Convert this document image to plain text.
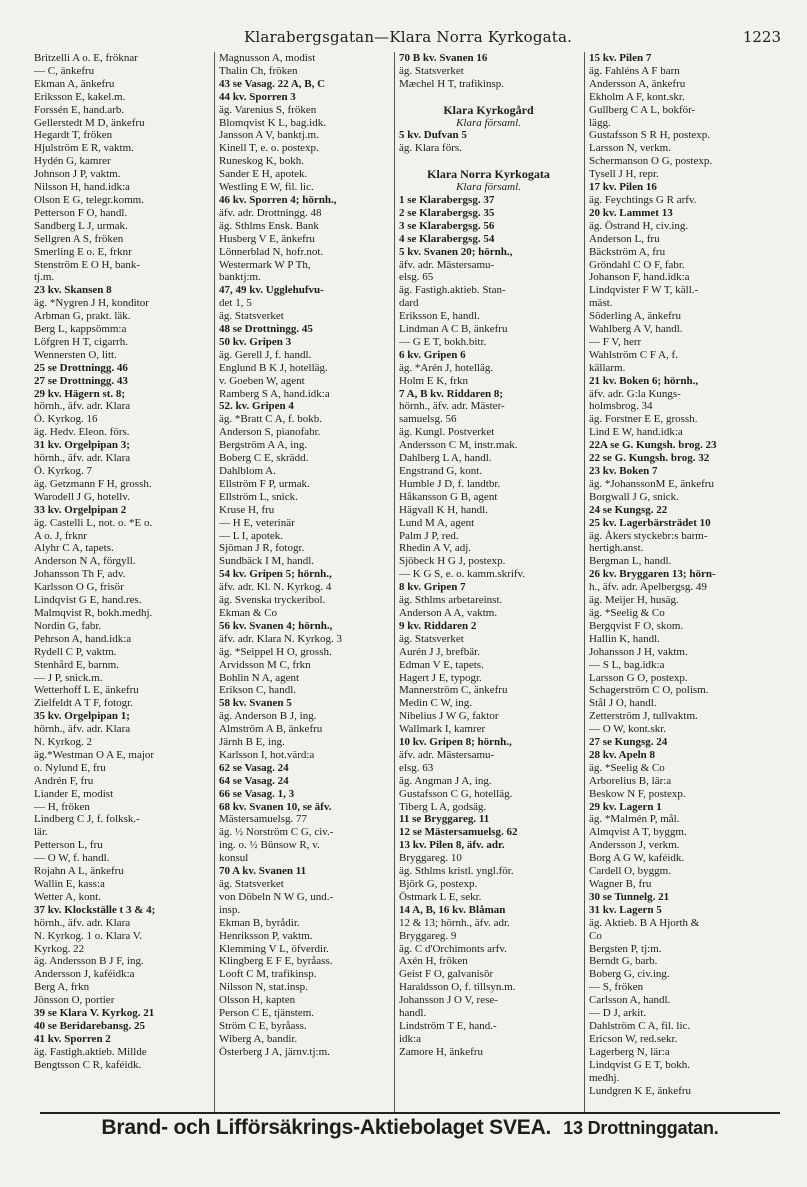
Klarabergsgatan—Klara Norra Kyrkogata.	1223
Britzelli A o. E, fröknar
— C, änkefru
Ekman A, änkefru
Eriksson E, kakel.m.
Forssén E, hand.arb.
Gellerstedt M D, änkefru
Hegardt T, fröken
Hjulström E R, vaktm.
Hydén G, kamrer
Johnson J P, vaktm.
Nilsson H, hand.idk:a
Olson E G, telegr.komm.
Petterson F O, handl.
Sandberg L J, urmak.
Sellgren A S, fröken
Smerling E o. E, frknr
Stenström E O H, bank-
tj.m.
23 kv. Skansen 8
äg. *Nygren J H, konditor
Arbman G, prakt. läk.
Berg L, kappsömm:a
Löfgren H T, cigarrh.
Wennersten O, litt.
25 se Drottningg. 46
27 se Drottningg. 43
29 kv. Hägern st. 8;
hörnh., äfv. adr. Klara
Ö. Kyrkog. 16
äg. Hedv. Eleon. förs.
31 kv. Orgelpipan 3;
hörnh., äfv. adr. Klara
Ö. Kyrkog. 7
äg. Getzmann F H, grossh.
Warodell J G, hotellv.
33 kv. Orgelpipan 2
äg. Castelli L, not. o. *E o.
A o. J, frknr
Alyhr C A, tapets.
Anderson N A, förgyll.
Johansson Th F, adv.
Karlsson O G, frisör
Lindqvist G E, hand.res.
Malmqvist R, bokh.medhj.
Nordin G, fabr.
Pehrson A, hand.idk:a
Rydell C P, vaktm.
Stenhård E, barnm.
— J P, snick.m.
Wetterhoff L E, änkefru
Zielfeldt A T F, fotogr.
35 kv. Orgelpipan 1;
hörnh., äfv. adr. Klara
N. Kyrkog. 2
äg.*Westman O A E, major
o. Nylund E, fru
Andrén F, fru
Liander E, modist
— H, fröken
Lindberg C J, f. folksk.-
lär.
Petterson L, fru
— O W, f. handl.
Rojahn A L, änkefru
Wallin E, kass:a
Wetter A, kont.
37 kv. Klockställe t 3 & 4;
hörnh., äfv. adr. Klara
N. Kyrkog. 1 o. Klara V.
Kyrkog. 22
äg. Andersson B J F, ing.
Andersson J, kaféidk:a
Berg A, frkn
Jönsson O, portier
39 se Klara V. Kyrkog. 21
40 se Beridarebansg. 25
41 kv. Sporren 2
äg. Fastigh.aktieb. Millde
Bengtsson C R, kaféidk.
Magnusson A, modist
Thalin Ch, fröken
43 se Vasag. 22 A, B, C
44 kv. Sporren 3
äg. Varenius S, fröken
Blomqvist K L, bag.idk.
Jansson A V, banktj.m.
Kinell T, e. o. postexp.
Runeskog K, bokh.
Sander E H, apotek.
Westling E W, fil. lic.
46 kv. Sporren 4; hörnh.,
äfv. adr. Drottningg. 48
äg. Sthlms Ensk. Bank
Husberg V E, änkefru
Lönnerblad N, hofr.not.
Westermark W P Th,
banktj:m.
47, 49 kv. Ugglehufvu-
det 1, 5
äg. Statsverket
48 se Drottningg. 45
50 kv. Gripen 3
äg. Gerell J, f. handl.
Englund B K J, hotelläg.
v. Goeben W, agent
Ramberg S A, hand.idk:a
52. kv. Gripen 4
äg. *Bratt C A, f. bokb.
Anderson S, pianofabr.
Bergström A A, ing.
Boberg C E, skrädd.
Dahlblom A.
Ellström F P, urmak.
Ellström L, snick.
Kruse H, fru
— H E, veterinär
— L I, apotek.
Sjöman J R, fotogr.
Sundbäck I M, handl.
54 kv. Gripen 5; hörnh.,
äfv. adr. Kl. N. Kyrkog. 4
äg. Svenska tryckeribol.
Ekman & Co
56 kv. Svanen 4; hörnh.,
äfv. adr. Klara N. Kyrkog. 3
äg. *Seippel H O, grossh.
Arvidsson M C, frkn
Bohlin N A, agent
Erikson C, handl.
58 kv. Svanen 5
äg. Anderson B J, ing.
Almström A B, änkefru
Järnh B E, ing.
Karlsson I, hot.värd:a
62 se Vasag. 24
64 se Vasag. 24
66 se Vasag. 1, 3
68 kv. Svanen 10, se äfv.
Mästersamuelsg. 77
äg. ½ Norström C G, civ.-
ing. o. ½ Bünsow R, v.
konsul
70 A kv. Svanen 11
äg. Statsverket
von Döbeln N W G, und.-
insp.
Ekman B, byrådir.
Henriksson P, vaktm.
Klemming V L, öfverdir.
Klingberg E F E, byråass.
Looft C M, trafikinsp.
Nilsson N, stat.insp.
Olsson H, kapten
Person C E, tjänstem.
Ström C E, byråass.
Wiberg A, bandir.
Österberg J A, järnv.tj:m.
70 B kv. Svanen 16
äg. Statsverket
Mæchel H T, trafikinsp.

Klara Kyrkogård
Klara församl.
5 kv. Dufvan 5
äg. Klara förs.

Klara Norra Kyrkogata
Klara församl.
1 se Klarabergsg. 37
2 se Klarabergsg. 35
3 se Klarabergsg. 56
4 se Klarabergsg. 54
5 kv. Svanen 20; hörnh.,
äfv. adr. Mästersamu-
elsg. 65
äg. Fastigh.aktieb. Stan-
dard
Eriksson E, handl.
Lindman A C B, änkefru
— G E T, bokh.bitr.
6 kv. Gripen 6
äg. *Arén J, hotelläg.
Holm E K, frkn
7 A, B kv. Riddaren 8;
hörnh., äfv. adr. Mäster-
samuelsg. 56
äg. Kungl. Postverket
Andersson C M, instr.mak.
Dahlberg L A, handl.
Engstrand G, kont.
Humble J D, f. landtbr.
Håkansson G B, agent
Hägvall K H, handl.
Lund M A, agent
Palm J P, red.
Rhedin A V, adj.
Sjöbeck H G J, postexp.
— K G S, e. o. kamm.skrifv.
8 kv. Gripen 7
äg. Sthlms arbetareinst.
Anderson A A, vaktm.
9 kv. Riddaren 2
äg. Statsverket
Aurén J J, brefbär.
Edman V E, tapets.
Hagert J E, typogr.
Mannerström C, änkefru
Medin C W, ing.
Nibelius J W G, faktor
Wallmark I, kamrer
10 kv. Gripen 8; hörnh.,
äfv. adr. Mästersamu-
elsg. 63
äg. Angman J A, ing.
Gustafsson C G, hotelläg.
Tiberg L A, godsäg.
11 se Bryggareg. 11
12 se Mästersamuelsg. 62
13 kv. Pilen 8, äfv. adr.
Bryggareg. 10
äg. Sthlms kristl. yngl.för.
Björk G, postexp.
Östmark L E, sekr.
14 A, B, 16 kv. Blåman
12 & 13; hörnh., äfv. adr.
Bryggareg. 9
äg. C d'Orchimonts arfv.
Axén H, fröken
Geist F O, galvanisör
Haraldsson O, f. tillsyn.m.
Johansson J O V, rese-
handl.
Lindström T E, hand.-
idk:a
Zamore H, änkefru
15 kv. Pilen 7
äg. Fahléns A F barn
Andersson A, änkefru
Ekholm A F, kont.skr.
Gullberg C A L, bokför-
lägg.
Gustafsson S R H, postexp.
Larsson N, verkm.
Schermanson O G, postexp.
Tysell J H, repr.
17 kv. Pilen 16
äg. Feychtings G R arfv.
20 kv. Lammet 13
äg. Östrand H, civ.ing.
Anderson L, fru
Bäckström A, fru
Gröndahl C O F, fabr.
Johanson F, hand.idk:a
Lindqvister F W T, käll.-
mäst.
Söderling A, änkefru
Wahlberg A V, handl.
— F V, herr
Wahlström C F A, f.
källarm.
21 kv. Boken 6; hörnh.,
äfv. adr. G:la Kungs-
holmsbrog. 34
äg. Forstner E E, grossh.
Lind E W, hand.idk:a
22A se G. Kungsh. brog. 23
22 se G. Kungsh. brog. 32
23 kv. Boken 7
äg. *JohanssonM E, änkefru
Borgwall J G, snick.
24 se Kungsg. 22
25 kv. Lagerbärsträdet 10
äg. Åkers styckebr:s barm-
hertigh.anst.
Bergman L, handl.
26 kv. Bryggaren 13; hörn-
h., äfv. adr. Apelbergsg. 49
äg. Meijer H, husäg.
äg. *Seelig & Co
Bergqvist F O, skom.
Hallin K, handl.
Johansson J H, vaktm.
— S L, bag.idk:a
Larsson G O, postexp.
Schagerström C O, polism.
Stål J O, handl.
Zetterström J, tullvaktm.
— O W, kont.skr.
27 se Kungsg. 24
28 kv. Apeln 8
äg. *Seelig & Co
Arborelius B, lär:a
Beskow N F, postexp.
29 kv. Lagern 1
äg. *Malmén P, mål.
Almqvist A T, byggm.
Andersson J, verkm.
Borg A G W, kaféidk.
Cardell O, byggm.
Wagner B, fru
30 se Tunnelg. 21
31 kv. Lagern 5
äg. Aktieb. B A Hjorth &
Co
Bergsten P, tj:m.
Berndt G, barb.
Boberg G, civ.ing.
— S, fröken
Carlsson A, handl.
— D J, arkit.
Dahlström C A, fil. lic.
Ericson W, red.sekr.
Lagerberg N, lär:a
Lindqvist G E T, bokh.
medhj.
Lundgren K E, änkefru
Brand- och Lifförsäkrings-Aktiebolaget SVEA. 13 Drottninggatan.
